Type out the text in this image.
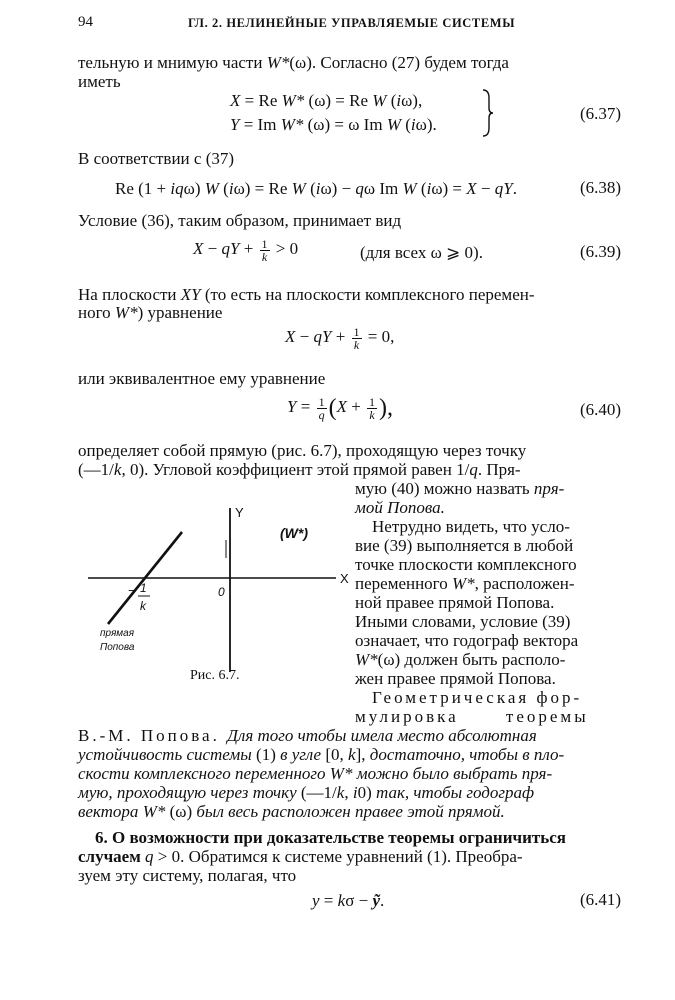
94	ГЛ. 2. НЕЛИНЕЙНЫЕ УПРАВЛЯЕМЫЕ СИСТЕМЫ
тельную и мнимую части W*(ω). Согласно (27) будем тогда
иметь
X = Re W* (ω) = Re W (iω),
Y = Im W* (ω) = ω Im W (iω).
(6.37)
В соответствии с (37)
Re (1 + iqω) W (iω) = Re W (iω) − qω Im W (iω) = X − qY.	(6.38)
Условие (36), таким образом, принимает вид
X − qY + $\frac{1}{k} > 0$	(для всех ω ⩾ 0).	(6.39)
На плоскости XY (то есть на плоскости комплексного перемен-
ного W*) уравнение
X − qY + $\frac{1}{k} = 0$,
или эквивалентное ему уравнение
$Y = \frac{1}{q} (X + \frac{1}{k}$ ),	(6.40)
определяет собой прямую (рис. 6.7), проходящую через точку
(—1/k, 0). Угловой коэффициент этой прямой равен 1/q. Пря-
мую (40) можно назвать пря-
мой Попова.
Нетрудно видеть, что усло-
вие (39) выполняется в любой
точке плоскости комплексного
переменного W*, расположен-
ной правее прямой Попова.
Иными словами, условие (39)
означает, что годограф вектора
W*(ω) должен быть располо-
жен правее прямой Попова.
Геометрическая фор-
мулировка теоремы
В.-М. Попова. Для того чтобы имела место абсолютная
устойчивость системы (1) в угле [0, k], достаточно, чтобы в пло-
скости комплексного переменного W* можно было выбрать пря-
мую, проходящую через точку (—1/k, i0) так, чтобы годограф
вектора W* (ω) был весь расположен правее этой прямой.
6. О возможности при доказательстве теоремы ограничиться
случаем q > 0. Обратимся к системе уравнений (1). Преобра-
зуем эту систему, полагая, что
y = kσ − ỹ.	(6.41)
Y
X
0
(W*)
− 1
k
прямая
Попова
Рис. 6.7.
